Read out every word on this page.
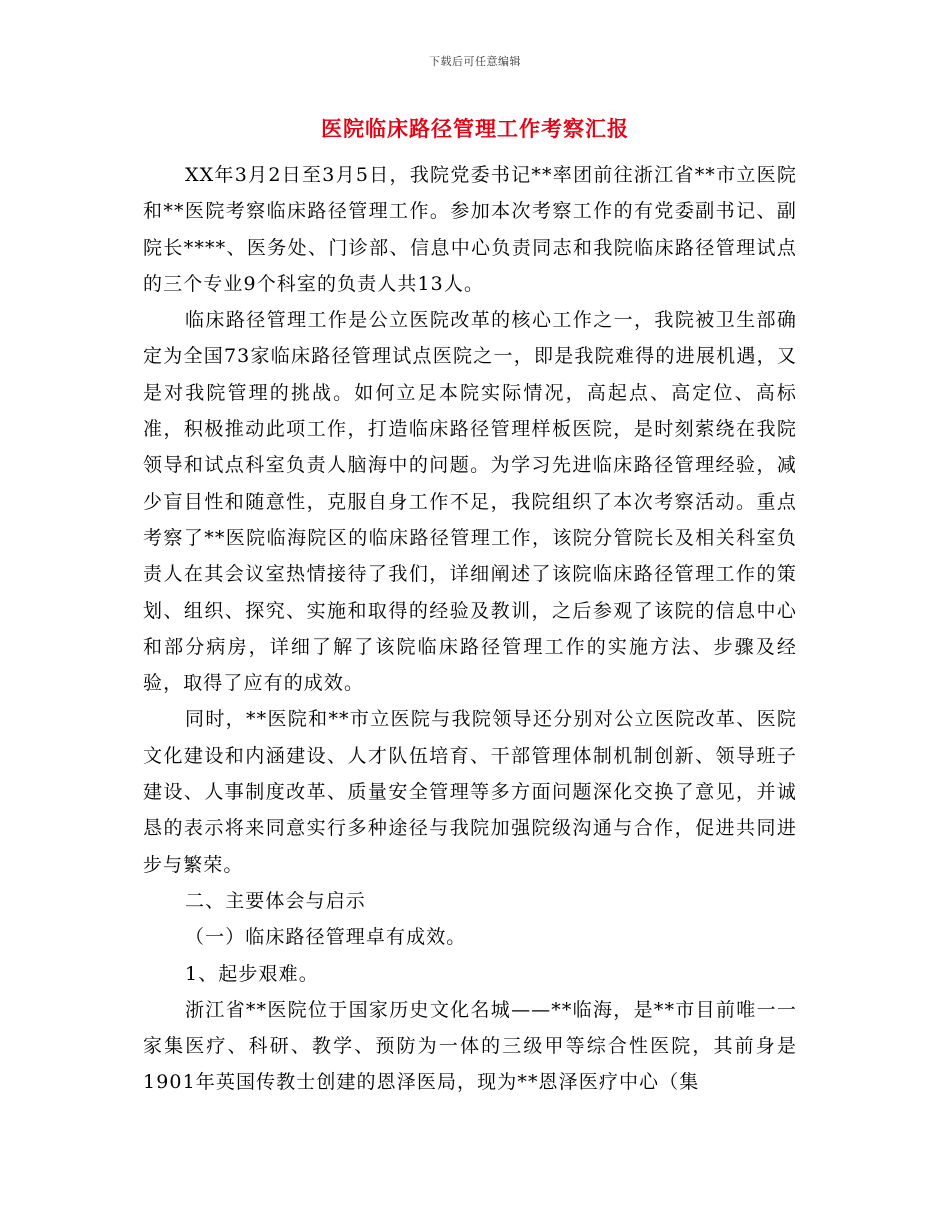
下载后可任意编辑
医院临床路径管理工作考察汇报

XX年3月2日至3月5日，我院党委书记**率团前往浙江省**市立医院和**医院考察临床路径管理工作。参加本次考察工作的有党委副书记、副院长****、医务处、门诊部、信息中心负责同志和我院临床路径管理试点的三个专业9个科室的负责人共13人。

临床路径管理工作是公立医院改革的核心工作之一，我院被卫生部确定为全国73家临床路径管理试点医院之一，即是我院难得的进展机遇，又是对我院管理的挑战。如何立足本院实际情况，高起点、高定位、高标准，积极推动此项工作，打造临床路径管理样板医院，是时刻萦绕在我院领导和试点科室负责人脑海中的问题。为学习先进临床路径管理经验，减少盲目性和随意性，克服自身工作不足，我院组织了本次考察活动。重点考察了**医院临海院区的临床路径管理工作，该院分管院长及相关科室负责人在其会议室热情接待了我们，详细阐述了该院临床路径管理工作的策划、组织、探究、实施和取得的经验及教训，之后参观了该院的信息中心和部分病房，详细了解了该院临床路径管理工作的实施方法、步骤及经验，取得了应有的成效。

同时，**医院和**市立医院与我院领导还分别对公立医院改革、医院文化建设和内涵建设、人才队伍培育、干部管理体制机制创新、领导班子建设、人事制度改革、质量安全管理等多方面问题深化交换了意见，并诚恳的表示将来同意实行多种途径与我院加强院级沟通与合作，促进共同进步与繁荣。

二、主要体会与启示

（一）临床路径管理卓有成效。

1、起步艰难。

浙江省**医院位于国家历史文化名城——**临海，是**市目前唯一一家集医疗、科研、教学、预防为一体的三级甲等综合性医院，其前身是1901年英国传教士创建的恩泽医局，现为**恩泽医疗中心（集
